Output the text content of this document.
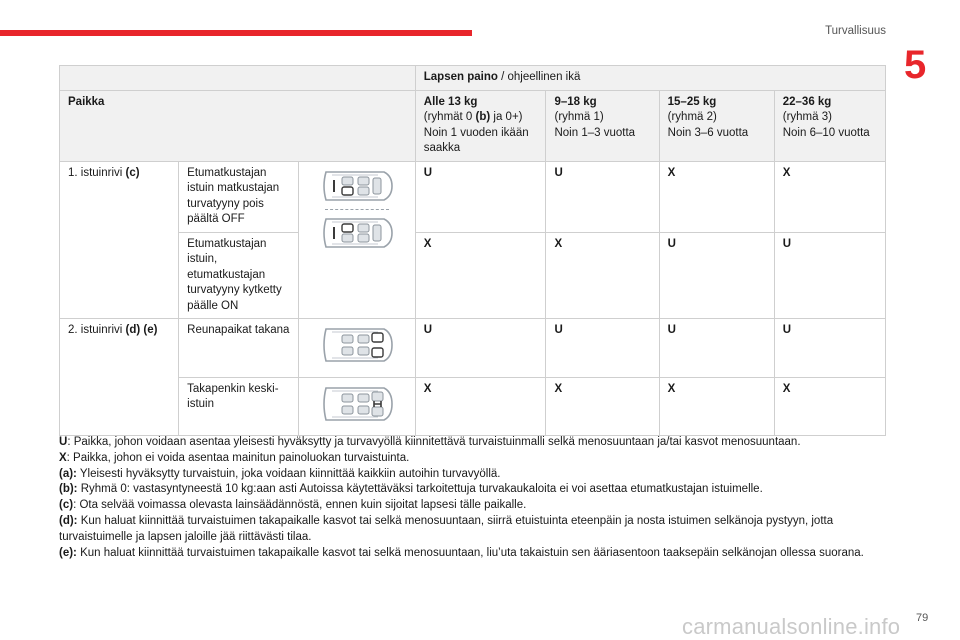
Turvallisuus
5
			Lapsen paino / ohjeellinen ikä			
Paikka			Alle 13 kg
(ryhmät 0 (b) ja 0+)
Noin 1 vuoden ikään saakka	9–18 kg
(ryhmä 1)
Noin 1–3 vuotta	15–25 kg
(ryhmä 2)
Noin 3–6 vuotta	22–36 kg
(ryhmä 3)
Noin 6–10 vuotta
1. istuinrivi (c)	Etumatkustajan istuin matkustajan turvatyyny pois päältä OFF		U	U	X	X
	Etumatkustajan istuin, etumatkustajan turvatyyny kytketty päälle ON		X	X	U	U
2. istuinrivi (d) (e)	Reunapaikat takana		U	U	U	U
	Takapenkin keski-istuin		X	X	X	X

U: Paikka, johon voidaan asentaa yleisesti hyväksytty ja turvavyöllä kiinnitettävä turvaistuinmalli selkä menosuuntaan ja/tai kasvot menosuuntaan.

X: Paikka, johon ei voida asentaa mainitun painoluokan turvaistuinta.

(a): Yleisesti hyväksytty turvaistuin, joka voidaan kiinnittää kaikkiin autoihin turvavyöllä.

(b): Ryhmä 0: vastasyntyneestä 10 kg:aan asti Autoissa käytettäväksi tarkoitettuja turvakaukaloita ei voi asettaa etumatkustajan istuimelle.

(c): Ota selvää voimassa olevasta lainsäädännöstä, ennen kuin sijoitat lapsesi tälle paikalle.

(d): Kun haluat kiinnittää turvaistuimen takapaikalle kasvot tai selkä menosuuntaan, siirrä etuistuinta eteenpäin ja nosta istuimen selkänoja pystyyn, jotta turvaistuimelle ja lapsen jaloille jää riittävästi tilaa.

(e): Kun haluat kiinnittää turvaistuimen takapaikalle kasvot tai selkä menosuuntaan, liu’uta takaistuin sen ääriasentoon taaksepäin selkänojan ollessa suorana.

carmanualsonline.info 79
